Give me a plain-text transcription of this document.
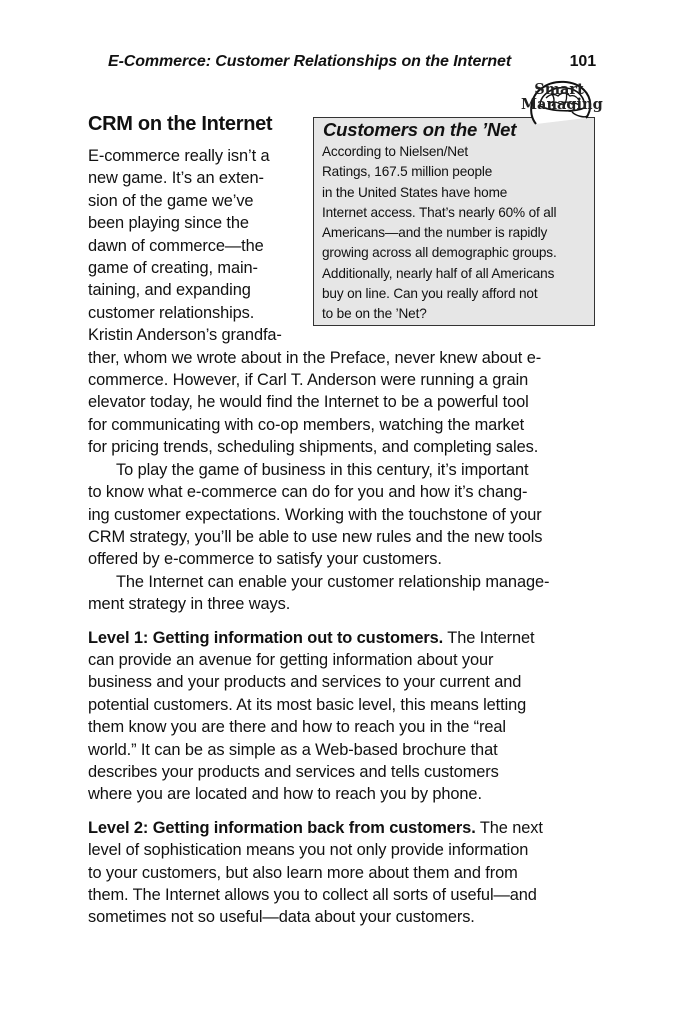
E-Commerce: Customer Relationships on the Internet	101
CRM on the Internet	Customers on the ’Net
According to Nielsen/Net
Ratings, 167.5 million people
in the United States have home
Internet access. That’s nearly 60% of all
Americans—and the number is rapidly
growing across all demographic groups.
Additionally, nearly half of all Americans
buy on line. Can you really afford not
to be on the ’Net?
Smart
Managing

E-commerce really isn’t a
new game. It’s an exten-
sion of the game we’ve
been playing since the
dawn of commerce—the
game of creating, main-
taining, and expanding
customer relationships.
Kristin Anderson’s grandfa-
ther, whom we wrote about in the Preface, never knew about e-
commerce. However, if Carl T. Anderson were running a grain
elevator today, he would find the Internet to be a powerful tool
for communicating with co-op members, watching the market
for pricing trends, scheduling shipments, and completing sales.

To play the game of business in this century, it’s important
to know what e-commerce can do for you and how it’s chang-
ing customer expectations. Working with the touchstone of your
CRM strategy, you’ll be able to use new rules and the new tools
offered by e-commerce to satisfy your customers.

The Internet can enable your customer relationship manage-
ment strategy in three ways.

Level 1: Getting information out to customers. The Internet
can provide an avenue for getting information about your
business and your products and services to your current and
potential customers. At its most basic level, this means letting
them know you are there and how to reach you in the “real
world.” It can be as simple as a Web-based brochure that
describes your products and services and tells customers
where you are located and how to reach you by phone.

Level 2: Getting information back from customers. The next
level of sophistication means you not only provide information
to your customers, but also learn more about them and from
them. The Internet allows you to collect all sorts of useful—and
sometimes not so useful—data about your customers.
